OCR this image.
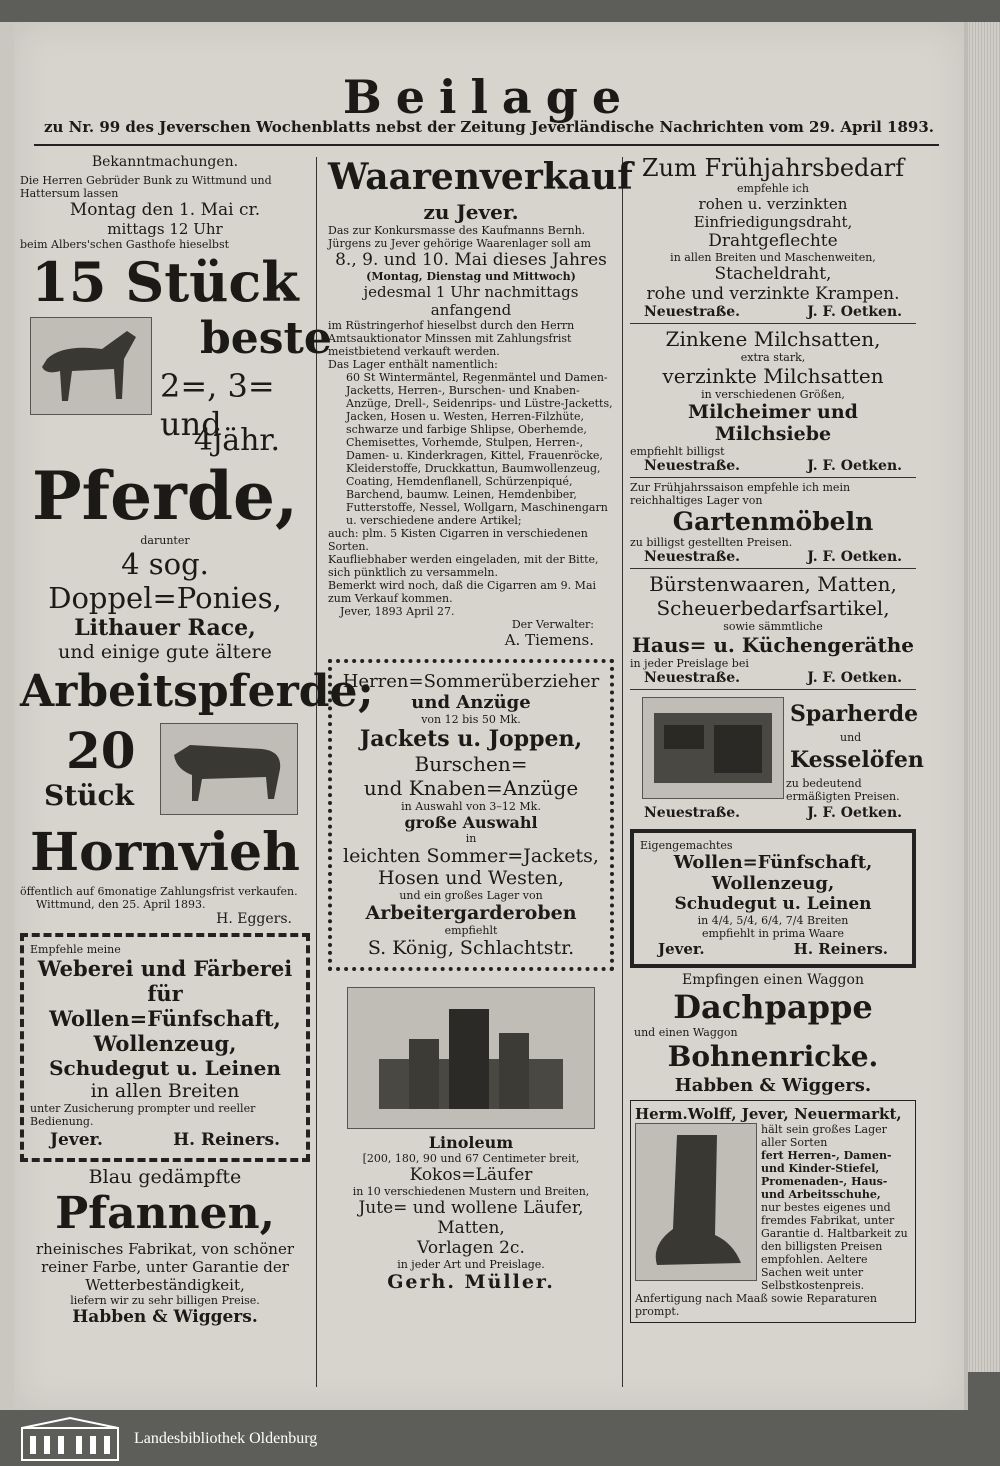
Beilage
zu Nr. 99 des Jeverschen Wochenblatts nebst der Zeitung Jeverländische Nachrichten vom 29. April 1893.

Bekanntmachungen.

Die Herren Gebrüder Bunk zu Wittmund und Hattersum lassen

Montag den 1. Mai cr.

mittags 12 Uhr

beim Albers'schen Gasthofe hieselbst

15 Stück

beste

2=, 3= und

4jähr.

Pferde,

darunter

4 sog. Doppel=Ponies,

Lithauer Race,

und einige gute ältere

Arbeitspferde;

20

Stück

Hornvieh

öffentlich auf 6monatige Zahlungsfrist verkaufen.

Wittmund, den 25. April 1893.

H. Eggers.

Empfehle meine

Weberei und Färberei

für Wollen=Fünfschaft,

Wollenzeug,

Schudegut u. Leinen

in allen Breiten

unter Zusicherung prompter und reeller Bedienung.

Jever.	H. Reiners.

Blau gedämpfte

Pfannen,

rheinisches Fabrikat, von schöner reiner Farbe, unter Garantie der Wetterbeständigkeit,

liefern wir zu sehr billigen Preise.

Habben & Wiggers.

Waarenverkauf

zu Jever.

Das zur Konkursmasse des Kaufmanns Bernh. Jürgens zu Jever gehörige Waarenlager soll am

8., 9. und 10. Mai dieses Jahres

(Montag, Dienstag und Mittwoch)

jedesmal 1 Uhr nachmittags anfangend

im Rüstringerhof hieselbst durch den Herrn Amtsauktionator Minssen mit Zahlungsfrist meistbietend verkauft werden.

Das Lager enthält namentlich:

60 St Wintermäntel, Regenmäntel und Damen-Jacketts, Herren-, Burschen- und Knaben-Anzüge, Drell-, Seidenrips- und Lüstre-Jacketts, Jacken, Hosen u. Westen, Herren-Filzhüte, schwarze und farbige Shlipse, Oberhemde, Chemisettes, Vorhemde, Stulpen, Herren-, Damen- u. Kinderkragen, Kittel, Frauenröcke, Kleiderstoffe, Druckkattun, Baumwollenzeug, Coating, Hemdenflanell, Schürzenpiqué, Barchend, baumw. Leinen, Hemdenbiber, Futterstoffe, Nessel, Wollgarn, Maschinengarn u. verschiedene andere Artikel;

auch: plm. 5 Kisten Cigarren in verschiedenen Sorten.

Kaufliebhaber werden eingeladen, mit der Bitte, sich pünktlich zu versammeln.

Bemerkt wird noch, daß die Cigarren am 9. Mai zum Verkauf kommen.

Jever, 1893 April 27.

Der Verwalter:

A. Tiemens.

Herren=Sommerüberzieher

und Anzüge

von 12 bis 50 Mk.

Jackets u. Joppen,

Burschen=

und Knaben=Anzüge

in Auswahl von 3–12 Mk.

große Auswahl

in

leichten Sommer=Jackets,

Hosen und Westen,

und ein großes Lager von

Arbeitergarderoben

empfiehlt

S. König, Schlachtstr.

Linoleum

[200, 180, 90 und 67 Centimeter breit,

Kokos=Läufer

in 10 verschiedenen Mustern und Breiten,

Jute= und wollene Läufer, Matten,

Vorlagen 2c.

in jeder Art und Preislage.

Gerh. Müller.

Zum Frühjahrsbedarf

empfehle ich

rohen u. verzinkten Einfriedigungsdraht,

Drahtgeflechte

in allen Breiten und Maschenweiten,

Stacheldraht,

rohe und verzinkte Krampen.

Neuestraße.	J. F. Oetken.

Zinkene Milchsatten,

extra stark,

verzinkte Milchsatten

in verschiedenen Größen,

Milcheimer und Milchsiebe

empfiehlt billigst

Neuestraße.	J. F. Oetken.

Zur Frühjahrssaison empfehle ich mein reichhaltiges Lager von

Gartenmöbeln

zu billigst gestellten Preisen.

Neuestraße.	J. F. Oetken.

Bürstenwaaren, Matten,

Scheuerbedarfsartikel,

sowie sämmtliche

Haus= u. Küchengeräthe

in jeder Preislage bei

Neuestraße.	J. F. Oetken.

Sparherde

und

Kesselöfen

zu bedeutend ermäßigten Preisen.

Neuestraße.	J. F. Oetken.

Eigengemachtes

Wollen=Fünfschaft,

Wollenzeug,

Schudegut u. Leinen

in 4/4, 5/4, 6/4, 7/4 Breiten

empfiehlt in prima Waare

Jever.	H. Reiners.

Empfingen einen Waggon

Dachpappe

und einen Waggon

Bohnenricke.

Habben & Wiggers.

Herm.Wolff, Jever, Neuermarkt,

hält sein großes Lager aller Sorten

fert Herren-, Damen- und Kinder-Stiefel, Promenaden-, Haus- und Arbeitsschuhe,

nur bestes eigenes und fremdes Fabrikat, unter Garantie d. Haltbarkeit zu den billigsten Preisen empfohlen. Aeltere Sachen weit unter Selbstkostenpreis.

Anfertigung nach Maaß sowie Reparaturen prompt.

Landesbibliothek Oldenburg
